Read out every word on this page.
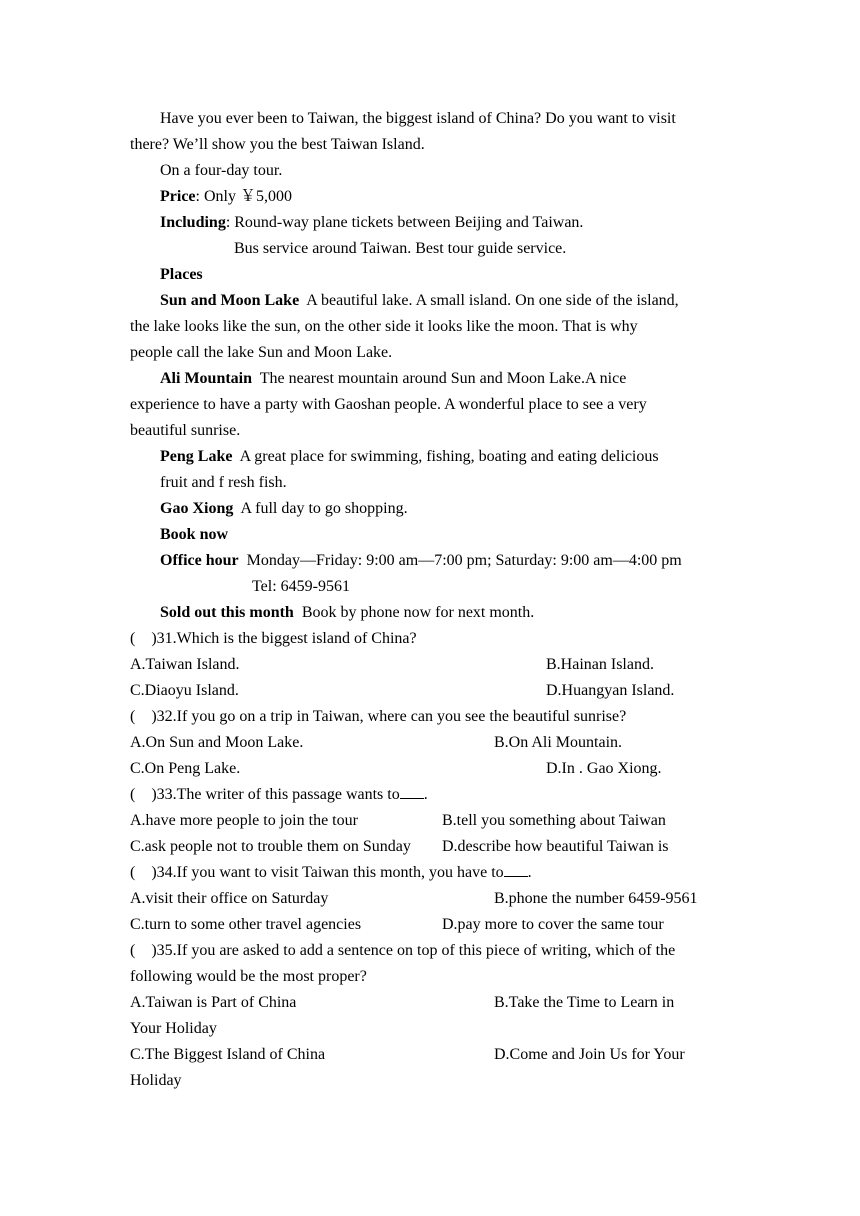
Have you ever been to Taiwan, the biggest island of China? Do you want to visit
there? We’ll show you the best Taiwan Island.
On a four-day tour.
Price: Only ￥5,000
Including: Round-way plane tickets between Beijing and Taiwan.
Bus service around Taiwan. Best tour guide service.
Places
Sun and Moon Lake  A beautiful lake. A small island. On one side of the island,
the lake looks like the sun, on the other side it looks like the moon. That is why
people call the lake Sun and Moon Lake.
Ali Mountain  The nearest mountain around Sun and Moon Lake.A nice
experience to have a party with Gaoshan people. A wonderful place to see a very
beautiful sunrise.
Peng Lake  A great place for swimming, fishing, boating and eating delicious
fruit and f resh fish.
Gao Xiong  A full day to go shopping.
Book now
Office hour  Monday—Friday: 9:00 am—7:00 pm; Saturday: 9:00 am—4:00 pm
Tel: 6459-9561
Sold out this month  Book by phone now for next month.
(    )31.Which is the biggest island of China?
A.Taiwan Island.	B.Hainan Island.
C.Diaoyu Island.	D.Huangyan Island.
(    )32.If you go on a trip in Taiwan, where can you see the beautiful sunrise?
A.On Sun and Moon Lake.	B.On Ali Mountain.
C.On Peng Lake.	D.In . Gao Xiong.
(    )33.The writer of this passage wants to .
A.have more people to join the tour	B.tell you something about Taiwan
C.ask people not to trouble them on Sunday D.describe how beautiful Taiwan is
(    )34.If you want to visit Taiwan this month, you have to .
A.visit their office on Saturday	B.phone the number 6459-9561
C.turn to some other travel agencies	D.pay more to cover the same tour
(    )35.If you are asked to add a sentence on top of this piece of writing, which of the
following would be the most proper?
A.Taiwan is Part of China	B.Take the Time to Learn in
Your Holiday
C.The Biggest Island of China	D.Come and Join Us for Your
Holiday
